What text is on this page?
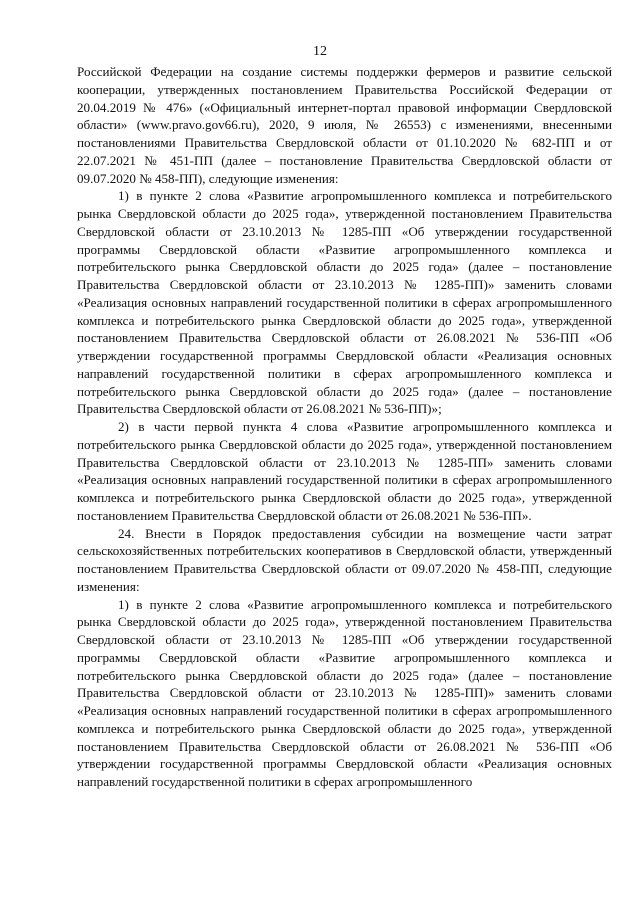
12

Российской Федерации на создание системы поддержки фермеров и развитие сельской кооперации, утвержденных постановлением Правительства Российской Федерации от 20.04.2019 № 476» («Официальный интернет-портал правовой информации Свердловской области» (www.pravo.gov66.ru), 2020, 9 июля, № 26553) с изменениями, внесенными постановлениями Правительства Свердловской области от 01.10.2020 № 682-ПП и от 22.07.2021 № 451-ПП (далее – постановление Правительства Свердловской области от 09.07.2020 № 458-ПП), следующие изменения:

1) в пункте 2 слова «Развитие агропромышленного комплекса и потребительского рынка Свердловской области до 2025 года», утвержденной постановлением Правительства Свердловской области от 23.10.2013 № 1285-ПП «Об утверждении государственной программы Свердловской области «Развитие агропромышленного комплекса и потребительского рынка Свердловской области до 2025 года» (далее – постановление Правительства Свердловской области от 23.10.2013 № 1285-ПП)» заменить словами «Реализация основных направлений государственной политики в сферах агропромышленного комплекса и потребительского рынка Свердловской области до 2025 года», утвержденной постановлением Правительства Свердловской области от 26.08.2021 № 536-ПП «Об утверждении государственной программы Свердловской области «Реализация основных направлений государственной политики в сферах агропромышленного комплекса и потребительского рынка Свердловской области до 2025 года» (далее – постановление Правительства Свердловской области от 26.08.2021 № 536-ПП)»;

2) в части первой пункта 4 слова «Развитие агропромышленного комплекса и потребительского рынка Свердловской области до 2025 года», утвержденной постановлением Правительства Свердловской области от 23.10.2013 № 1285-ПП» заменить словами «Реализация основных направлений государственной политики в сферах агропромышленного комплекса и потребительского рынка Свердловской области до 2025 года», утвержденной постановлением Правительства Свердловской области от 26.08.2021 № 536-ПП».

24. Внести в Порядок предоставления субсидии на возмещение части затрат сельскохозяйственных потребительских кооперативов в Свердловской области, утвержденный постановлением Правительства Свердловской области от 09.07.2020 № 458-ПП, следующие изменения:

1) в пункте 2 слова «Развитие агропромышленного комплекса и потребительского рынка Свердловской области до 2025 года», утвержденной постановлением Правительства Свердловской области от 23.10.2013 № 1285-ПП «Об утверждении государственной программы Свердловской области «Развитие агропромышленного комплекса и потребительского рынка Свердловской области до 2025 года» (далее – постановление Правительства Свердловской области от 23.10.2013 № 1285-ПП)» заменить словами «Реализация основных направлений государственной политики в сферах агропромышленного комплекса и потребительского рынка Свердловской области до 2025 года», утвержденной постановлением Правительства Свердловской области от 26.08.2021 № 536-ПП «Об утверждении государственной программы Свердловской области «Реализация основных направлений государственной политики в сферах агропромышленного
